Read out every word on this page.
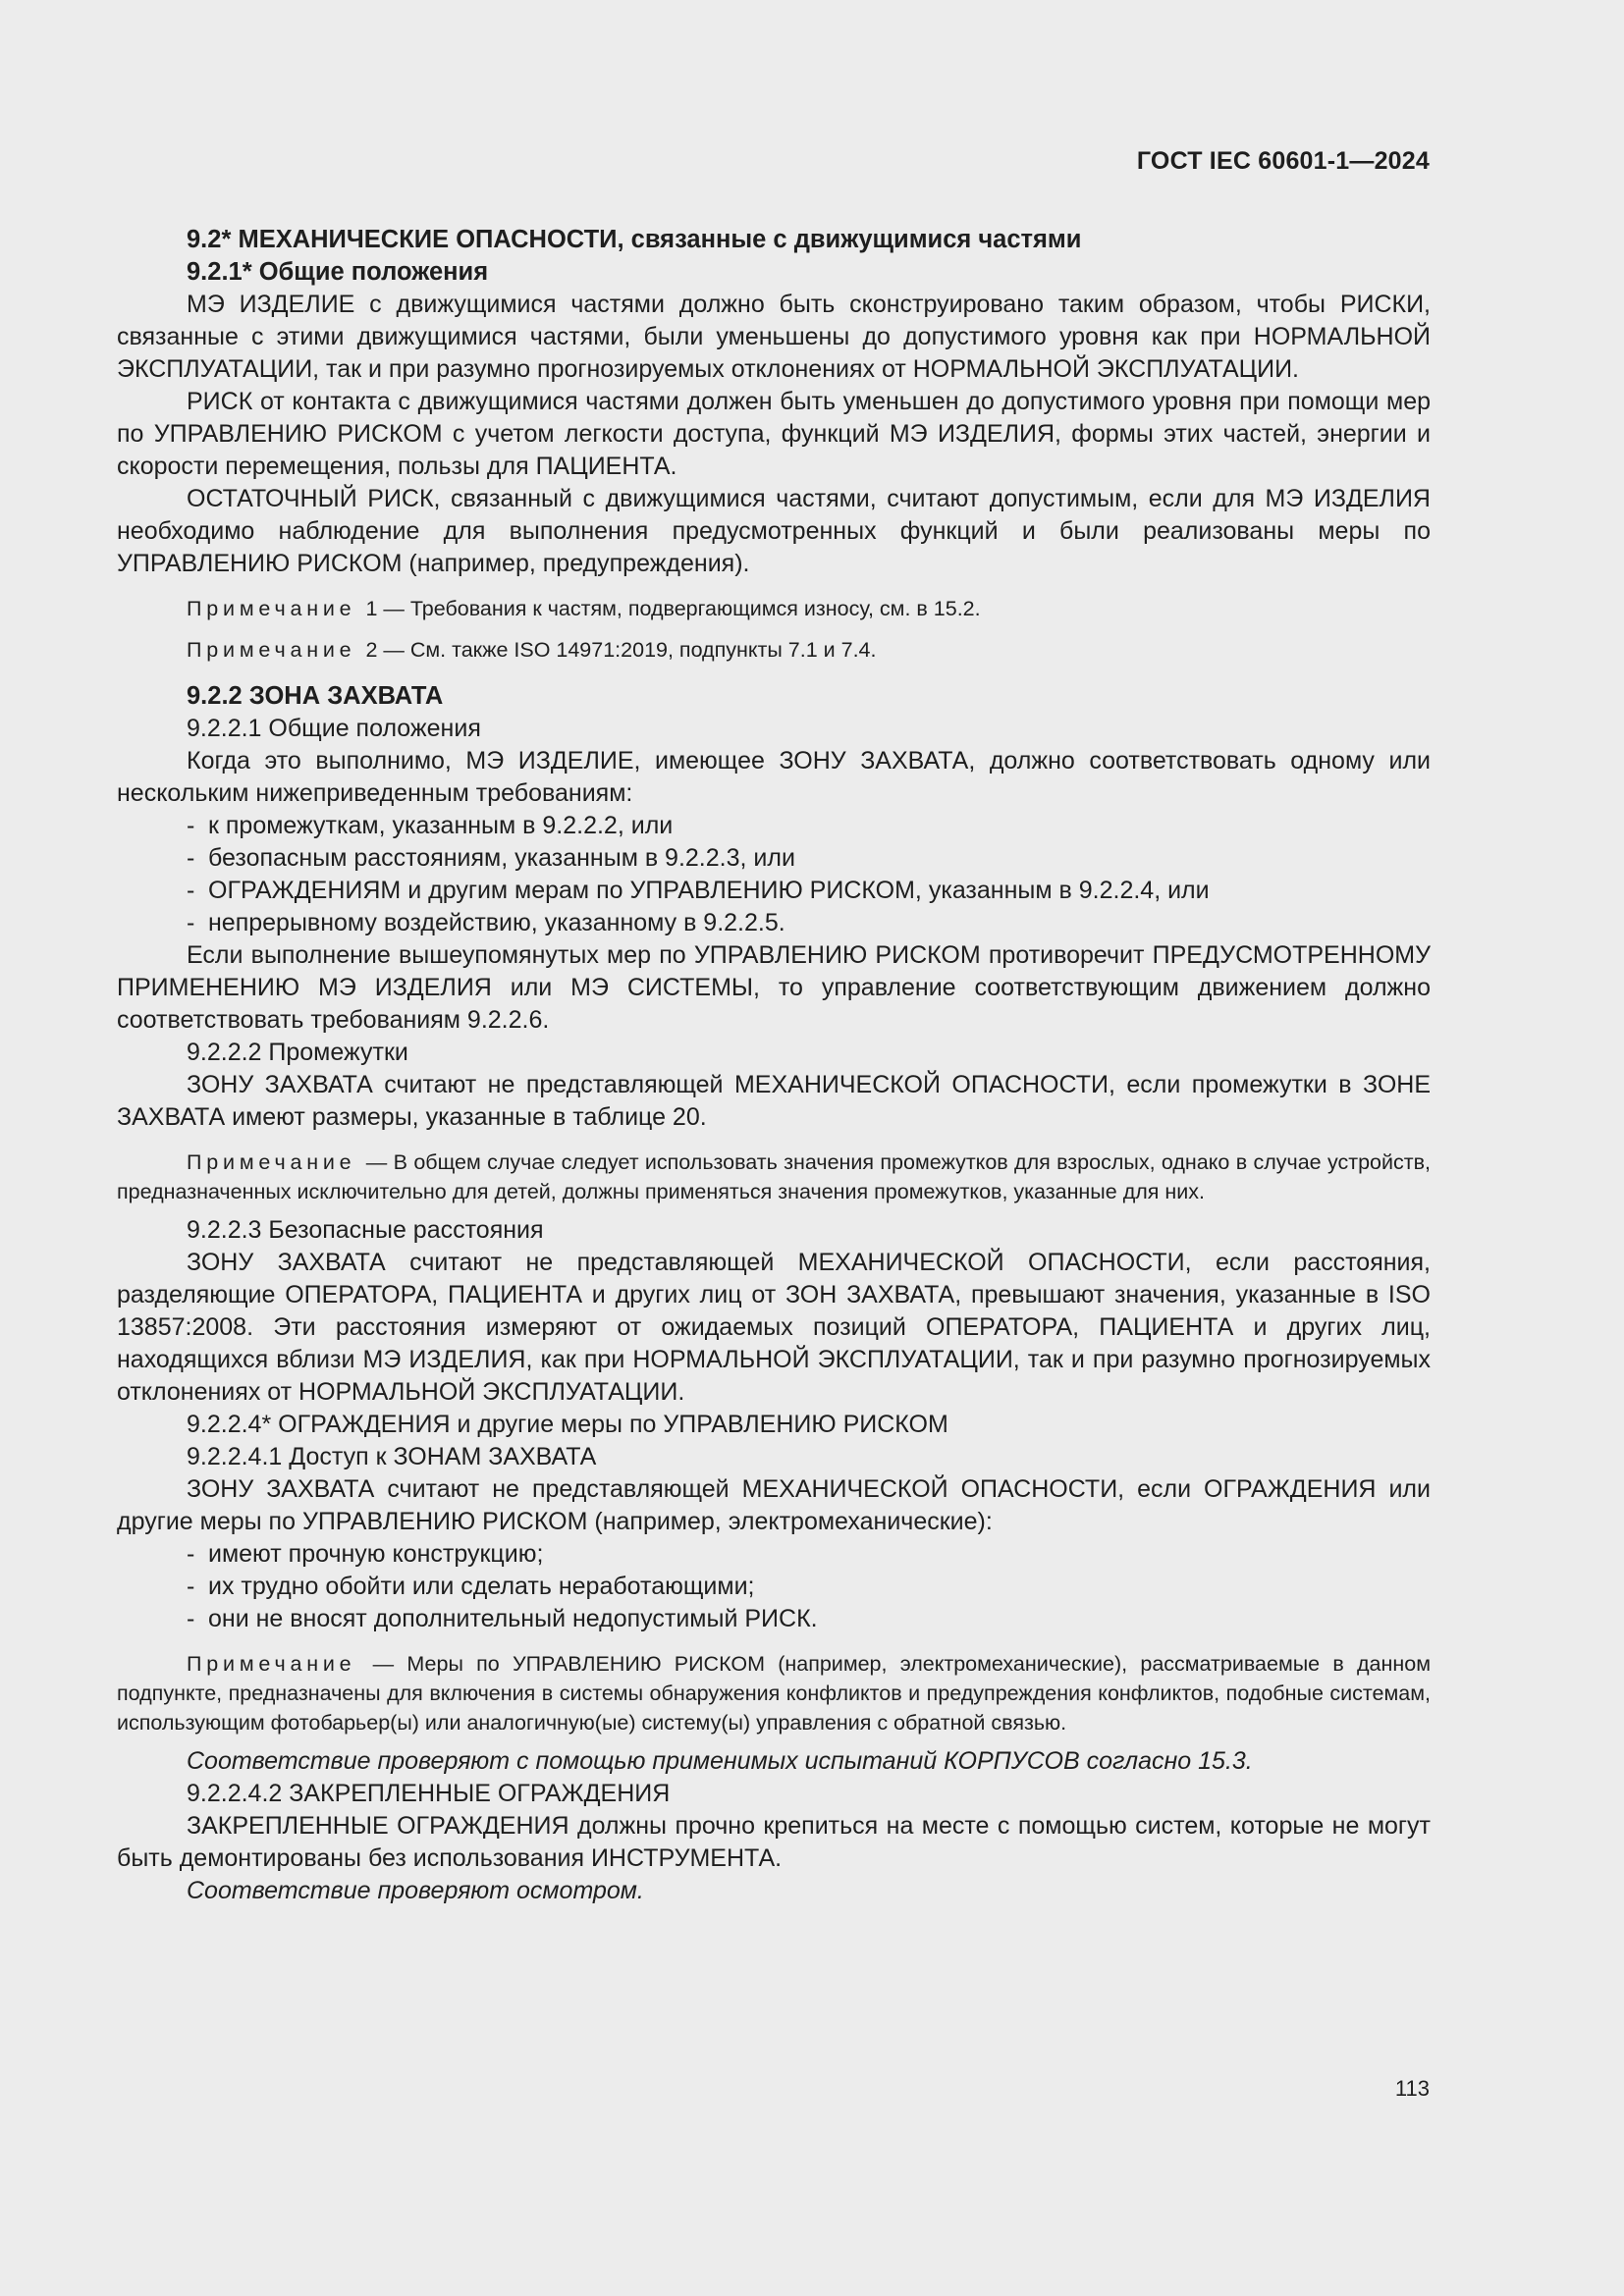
ГОСТ IEC 60601-1—2024
9.2* МЕХАНИЧЕСКИЕ ОПАСНОСТИ, связанные с движущимися частями
9.2.1* Общие положения
МЭ ИЗДЕЛИЕ с движущимися частями должно быть сконструировано таким образом, чтобы РИСКИ, связанные с этими движущимися частями, были уменьшены до допустимого уровня как при НОРМАЛЬНОЙ ЭКСПЛУАТАЦИИ, так и при разумно прогнозируемых отклонениях от НОРМАЛЬНОЙ ЭКСПЛУАТАЦИИ.
РИСК от контакта с движущимися частями должен быть уменьшен до допустимого уровня при помощи мер по УПРАВЛЕНИЮ РИСКОМ с учетом легкости доступа, функций МЭ ИЗДЕЛИЯ, формы этих частей, энергии и скорости перемещения, пользы для ПАЦИЕНТА.
ОСТАТОЧНЫЙ РИСК, связанный с движущимися частями, считают допустимым, если для МЭ ИЗДЕЛИЯ необходимо наблюдение для выполнения предусмотренных функций и были реализованы меры по УПРАВЛЕНИЮ РИСКОМ (например, предупреждения).
Примечание 1 — Требования к частям, подвергающимся износу, см. в 15.2.
Примечание 2 — См. также ISO 14971:2019, подпункты 7.1 и 7.4.
9.2.2 ЗОНА ЗАХВАТА
9.2.2.1 Общие положения
Когда это выполнимо, МЭ ИЗДЕЛИЕ, имеющее ЗОНУ ЗАХВАТА, должно соответствовать одному или нескольким нижеприведенным требованиям:
- к промежуткам, указанным в 9.2.2.2, или
- безопасным расстояниям, указанным в 9.2.2.3, или
- ОГРАЖДЕНИЯМ и другим мерам по УПРАВЛЕНИЮ РИСКОМ, указанным в 9.2.2.4, или
- непрерывному воздействию, указанному в 9.2.2.5.
Если выполнение вышеупомянутых мер по УПРАВЛЕНИЮ РИСКОМ противоречит ПРЕДУСМОТРЕННОМУ ПРИМЕНЕНИЮ МЭ ИЗДЕЛИЯ или МЭ СИСТЕМЫ, то управление соответствующим движением должно соответствовать требованиям 9.2.2.6.
9.2.2.2 Промежутки
ЗОНУ ЗАХВАТА считают не представляющей МЕХАНИЧЕСКОЙ ОПАСНОСТИ, если промежутки в ЗОНЕ ЗАХВАТА имеют размеры, указанные в таблице 20.
Примечание — В общем случае следует использовать значения промежутков для взрослых, однако в случае устройств, предназначенных исключительно для детей, должны применяться значения промежутков, указанные для них.
9.2.2.3 Безопасные расстояния
ЗОНУ ЗАХВАТА считают не представляющей МЕХАНИЧЕСКОЙ ОПАСНОСТИ, если расстояния, разделяющие ОПЕРАТОРА, ПАЦИЕНТА и других лиц от ЗОН ЗАХВАТА, превышают значения, указанные в ISO 13857:2008. Эти расстояния измеряют от ожидаемых позиций ОПЕРАТОРА, ПАЦИЕНТА и других лиц, находящихся вблизи МЭ ИЗДЕЛИЯ, как при НОРМАЛЬНОЙ ЭКСПЛУАТАЦИИ, так и при разумно прогнозируемых отклонениях от НОРМАЛЬНОЙ ЭКСПЛУАТАЦИИ.
9.2.2.4* ОГРАЖДЕНИЯ и другие меры по УПРАВЛЕНИЮ РИСКОМ
9.2.2.4.1 Доступ к ЗОНАМ ЗАХВАТА
ЗОНУ ЗАХВАТА считают не представляющей МЕХАНИЧЕСКОЙ ОПАСНОСТИ, если ОГРАЖДЕНИЯ или другие меры по УПРАВЛЕНИЮ РИСКОМ (например, электромеханические):
- имеют прочную конструкцию;
- их трудно обойти или сделать неработающими;
- они не вносят дополнительный недопустимый РИСК.
Примечание — Меры по УПРАВЛЕНИЮ РИСКОМ (например, электромеханические), рассматриваемые в данном подпункте, предназначены для включения в системы обнаружения конфликтов и предупреждения конфликтов, подобные системам, использующим фотобарьер(ы) или аналогичную(ые) систему(ы) управления с обратной связью.
Соответствие проверяют с помощью применимых испытаний КОРПУСОВ согласно 15.3.
9.2.2.4.2 ЗАКРЕПЛЕННЫЕ ОГРАЖДЕНИЯ
ЗАКРЕПЛЕННЫЕ ОГРАЖДЕНИЯ должны прочно крепиться на месте с помощью систем, которые не могут быть демонтированы без использования ИНСТРУМЕНТА.
Соответствие проверяют осмотром.
113
